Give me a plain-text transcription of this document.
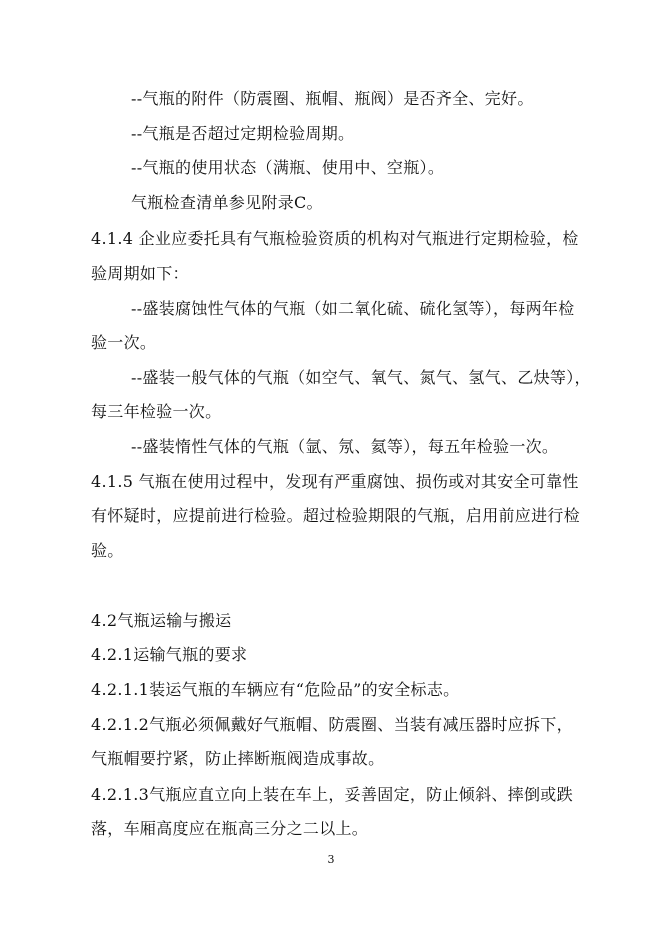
--气瓶的附件（防震圈、瓶帽、瓶阀）是否齐全、完好。
--气瓶是否超过定期检验周期。
--气瓶的使用状态（满瓶、使用中、空瓶）。
气瓶检查清单参见附录C。
4.1.4 企业应委托具有气瓶检验资质的机构对气瓶进行定期检验，检
验周期如下：
--盛装腐蚀性气体的气瓶（如二氧化硫、硫化氢等），每两年检
验一次。
--盛装一般气体的气瓶（如空气、氧气、氮气、氢气、乙炔等），
每三年检验一次。
--盛装惰性气体的气瓶（氩、氖、氦等），每五年检验一次。
4.1.5 气瓶在使用过程中，发现有严重腐蚀、损伤或对其安全可靠性
有怀疑时，应提前进行检验。超过检验期限的气瓶，启用前应进行检
验。
4.2气瓶运输与搬运
4.2.1运输气瓶的要求
4.2.1.1装运气瓶的车辆应有“危险品”的安全标志。
4.2.1.2气瓶必须佩戴好气瓶帽、防震圈、当装有减压器时应拆下，
气瓶帽要拧紧，防止摔断瓶阀造成事故。
4.2.1.3气瓶应直立向上装在车上，妥善固定，防止倾斜、摔倒或跌
落，车厢高度应在瓶高三分之二以上。
3
